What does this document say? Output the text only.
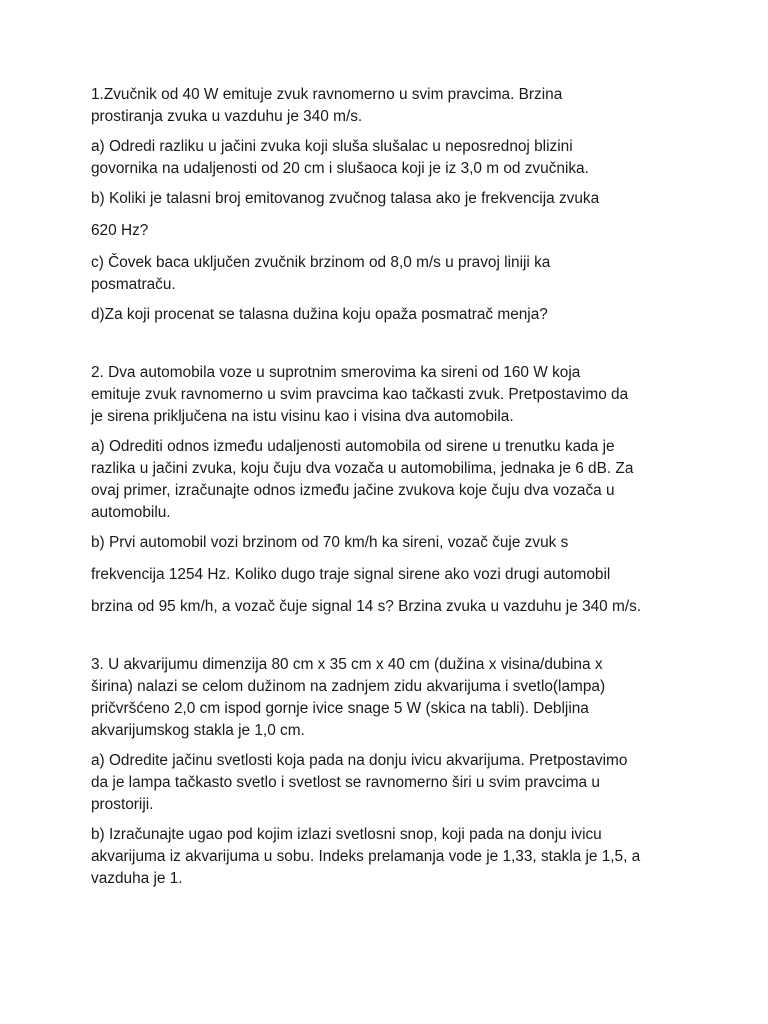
1.Zvučnik od 40 W emituje zvuk ravnomerno u svim pravcima. Brzina
prostiranja zvuka u vazduhu je 340 m/s.

a) Odredi razliku u jačini zvuka koji sluša slušalac u neposrednoj blizini
govornika na udaljenosti od 20 cm i slušaoca koji je iz 3,0 m od zvučnika.

b) Koliki je talasni broj emitovanog zvučnog talasa ako je frekvencija zvuka

620 Hz?

c) Čovek baca uključen zvučnik brzinom od 8,0 m/s u pravoj liniji ka
posmatraču.

d)Za koji procenat se talasna dužina koju opaža posmatrač menja?

2. Dva automobila voze u suprotnim smerovima ka sireni od 160 W koja
emituje zvuk ravnomerno u svim pravcima kao tačkasti zvuk. Pretpostavimo da
je sirena priključena na istu visinu kao i visina dva automobila.

a) Odrediti odnos između udaljenosti automobila od sirene u trenutku kada je
razlika u jačini zvuka, koju čuju dva vozača u automobilima, jednaka je 6 dB. Za
ovaj primer, izračunajte odnos između jačine zvukova koje čuju dva vozača u
automobilu.

b) Prvi automobil vozi brzinom od 70 km/h ka sireni, vozač čuje zvuk s

frekvencija 1254 Hz. Koliko dugo traje signal sirene ako vozi drugi automobil

brzina od 95 km/h, a vozač čuje signal 14 s? Brzina zvuka u vazduhu je 340 m/s.

3. U akvarijumu dimenzija 80 cm x 35 cm x 40 cm (dužina x visina/dubina x
širina) nalazi se celom dužinom na zadnjem zidu akvarijuma i svetlo(lampa)
pričvršćeno 2,0 cm ispod gornje ivice snage 5 W (skica na tabli). Debljina
akvarijumskog stakla je 1,0 cm.

a) Odredite jačinu svetlosti koja pada na donju ivicu akvarijuma. Pretpostavimo
da je lampa tačkasto svetlo i svetlost se ravnomerno širi u svim pravcima u
prostoriji.

b) Izračunajte ugao pod kojim izlazi svetlosni snop, koji pada na donju ivicu
akvarijuma iz akvarijuma u sobu. Indeks prelamanja vode je 1,33, stakla je 1,5, a
vazduha je 1.
